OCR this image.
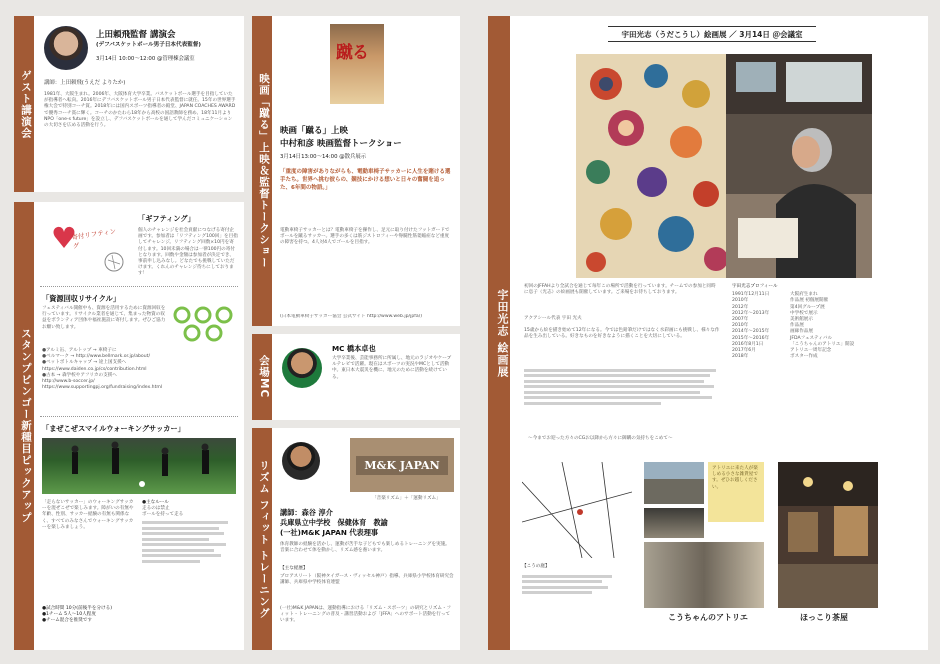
ゲスト講演会
上田頼飛監督 講演会
(デフバスケットボール男子日本代表監督)
3月14日 10:00〜12:00 @管理棟会議室
講師：上田頼飛(うえだ よりたか)
1981年、大阪生まれ。2006年、大阪体育大学卒業。バスケットボール選手を目指していたが指導者へ転向。2016年にデフバスケットボール男子日本代表監督に就任。15年の世界選手権大会で特別コーチ賞。2018年には国内スポーツ指導者の殿堂、JAPAN COACHES AWARDで優秀コーチ賞に輝く。コーチのかたわら18年から高校の国語教師を務め、18年11月よりNPO「one-s future」を設立し、デフバスケットボールを通して学んだコミュニケーションの大切さを広める活動を行う。
スタンプビンゴー新種目ピックアップ
寄付リフティング
「ギフティング」
個人のチャレンジを社会貢献につなげる寄付企画です。参加者は「リフティング100回」を目指してチャレンジ。リフティング回数×10円を寄付します。10回未満の場合は一律100円の寄付となります。回数や金額は参加者が決定でき、事前申し込みなし。どなたでも挑戦していただけます。くれんのチャレンジ待ちにしております！
「資源回収リサイクル」
フェスティバル開催中も、資源を活用するために資源回収を行っています。リサイクル業者を通じて、集まった物資の収益をボランティア団体や福祉施設に寄付します。ぜひご協力お願い致します。
●アルミ缶、アルトップ → 車椅子に
●ベルマーク → http://www.bellmark.or.jp/about/
●ペットボトルキャップ → 途上国支援へ
https://www.daiden.co.jp/cs/contribution.html
●古本 → 森学校やアフリカの支援へ
http://www.b-soccer.jp/
https://www.supportingpj.org/fundraising/index.html
「まぜこぜスマイルウォーキングサッカー」
「走らないサッカー」のウォーキングサッカーを混ぜこぜで楽しみます。障がいの有無や年齢、性別、サッカー経験の有無も関係なく、すべてのみなさんでウォーキングサッカーを楽しみましょう。
●主なルール
走るのは禁止
ボールを持って走る
●試合時間 10分(前後半を分ける)
●1チーム 5人〜10人程度
●チーム混合を推奨です
映画「蹴る」上映＆監督トークショー
蹴る
映画「蹴る」上映
中村和彦 映画監督トークショー
3月14日13:00〜14:00 @散兵展示
「重度の障害がありながらも、電動車椅子サッカーに人生を賭ける選手たち。世界へ挑む彼らの、競技にかける想いと日々の奮闘を追った、6年間の物語。」
電動車椅子サッカーとは？電動車椅子を操作し、足元に取り付けたフットガードでボールを蹴るサッカー。選手の多くは筋ジストロフィーや脊髄性筋萎縮症など重度の障害を持つ。4人対4人でゴールを目指す。
(日本電動車椅子サッカー協会 公式サイト http://www.web.jp/jpfa/)
会場MC
MC 橋本卓也
大学卒業後、芸能事務所に所属し、地元のラジオやケーブルテレビで活躍。現在はスポーツの実況やMCとして活動中。東日本大震災を機に、地元のために活動を続けている。
リズム フィット トレーニング	M&K JAPAN
「音楽リズム」＋「運動リズム」
講師：森谷 淳介
兵庫県立中学校　保健体育　教諭
(一社)M&K JAPAN 代表理事
体育教師の経験を活かし、運動が苦手な子どもでも楽しめるトレーニングを実施。音楽に合わせて体を動かし、リズム感を養います。
【主な経歴】
プロアスリート（阪神タイガース・ヴィッセル神戸）指導、兵庫県小学校体育研究会講師、兵庫県中学校体育連盟
(一社)M&K JAPANは、運動指導における「リズム・スポーツ」の研究とリズム・フィット・トレーニングの普及・講習活動および「JFFA」へのサポート活動を行っています。
宇田光志 絵画展
宇田光志（うだこうし）絵画展 ／ 3月14日 ＠会議室
初回のJFFAHより全試合を通じて毎年この場所で活動を行っています。チームでの参加と同時に息子（光志）の絵画展も開催しています。ご来場をお待ちしております。
アクアシール代表 宇田 光夫
15歳から絵を描き始めて12年になる。今では色鉛筆だけではなく水彩画にも挑戦し、様々な作品を生み出している。好きなものを好きなように描くことを大切にしている。
〜今までお迎った方々のCGお以降から方々に御購の気持ちをこめて〜
宇田光志プロフィール
1991年12月11日	大阪府生まれ
2010年	作品展 初個展開催
2012年	第4回グループ展
2012年〜2013年	中学校で展示
2007年	美術館展示
2010年	作品展
2014年〜2015年	画廊作品展
2015年〜2016年	JFDAフェスティバル
2016年8月1日	「こうちゃんのアトリエ」開設
2017年6月	アトリエ一周年記念
2018年	ポスター作成
【こうの庭】
アトリエに来た人が楽しめる小さな雑貨屋です。ぜひお越しください。
こうちゃんのアトリエ	ほっこり茶屋
